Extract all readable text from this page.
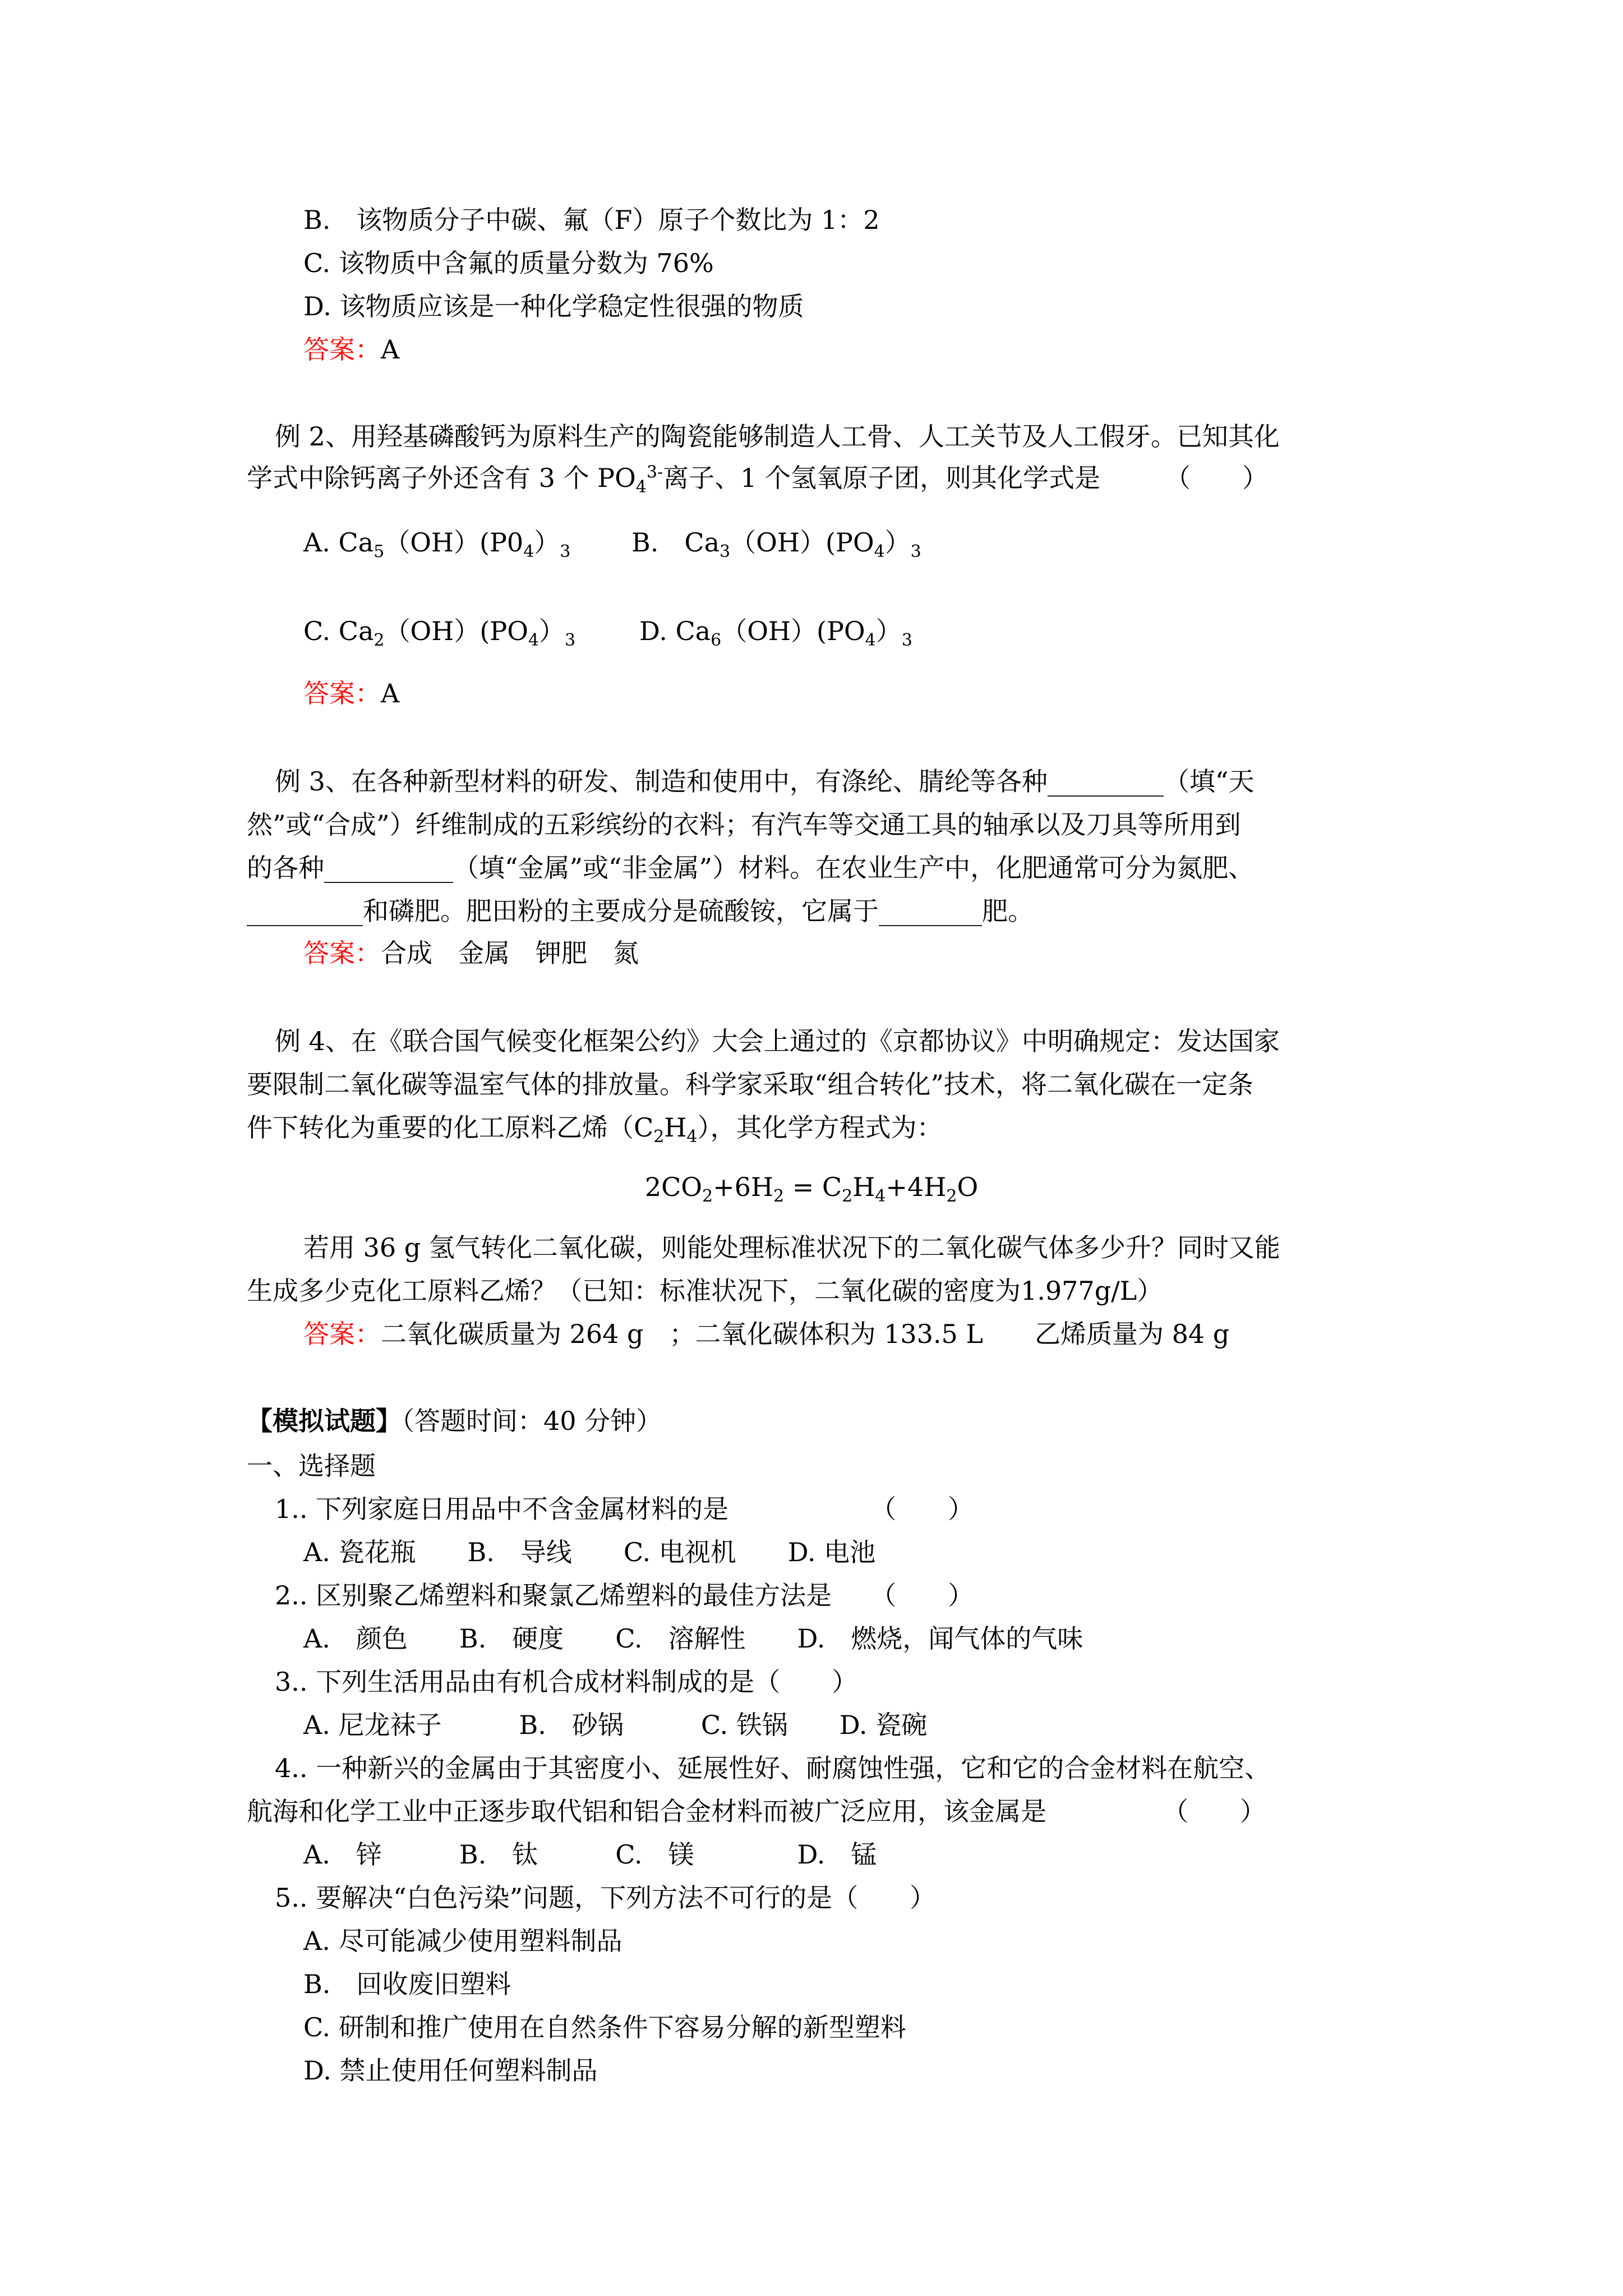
B.　该物质分子中碳、氟（F）原子个数比为 1：2
C. 该物质中含氟的质量分数为 76%
D. 该物质应该是一种化学稳定性很强的物质
答案：A
例 2、用羟基磷酸钙为原料生产的陶瓷能够制造人工骨、人工关节及人工假牙。已知其化
学式中除钙离子外还含有 3 个 $PO_4^{3-}$离子、1 个氢氧原子团，则其化学式是　　　（　　）
A. $Ca_5(OH)(P0_4)_3$ B.　$Ca_3(OH)(PO_4)_3$
C. $Ca_2(OH)(PO_4)_3$ D. $Ca_6(OH)(PO_4)_3$
答案：A
例 3、在各种新型材料的研发、制造和使用中，有涤纶、腈纶等各种_________（填“天
然”或“合成”）纤维制成的五彩缤纷的衣料；有汽车等交通工具的轴承以及刀具等所用到
的各种__________（填“金属”或“非金属”）材料。在农业生产中，化肥通常可分为氮肥、
_________和磷肥。肥田粉的主要成分是硫酸铵，它属于________肥。
答案：合成　金属　钾肥　氮
例 4、在《联合国气候变化框架公约》大会上通过的《京都协议》中明确规定：发达国家
要限制二氧化碳等温室气体的排放量。科学家采取“组合转化”技术，将二氧化碳在一定条
件下转化为重要的化工原料乙烯$(C_2H_4)$，其化学方程式为：
$2CO_2+6H_2 = C_2H_4+4H_2O$
若用 36 g 氢气转化二氧化碳，则能处理标准状况下的二氧化碳气体多少升？同时又能
生成多少克化工原料乙烯？（已知：标准状况下，二氧化碳的密度为1.977g/L）
答案：二氧化碳质量为 264 g　；二氧化碳体积为 133.5 L　　乙烯质量为 84 g
【模拟试题】（答题时间：40 分钟）
一、选择题
1.. 下列家庭日用品中不含金属材料的是　　　　　　（　　）
A. 瓷花瓶　　B.　导线　　C. 电视机　　D. 电池
2.. 区别聚乙烯塑料和聚氯乙烯塑料的最佳方法是　　（　　）
A.　颜色　　B.　硬度　　C.　溶解性　　D.　燃烧，闻气体的气味
3.. 下列生活用品由有机合成材料制成的是（　　）
A. 尼龙袜子　　　B.　砂锅　　　C. 铁锅　　D. 瓷碗
4.. 一种新兴的金属由于其密度小、延展性好、耐腐蚀性强，它和它的合金材料在航空、
航海和化学工业中正逐步取代铝和铝合金材料而被广泛应用，该金属是　　　　　（　　）
A.　锌　　　B.　钛　　　C.　镁　　　　D.　锰
5.. 要解决“白色污染”问题，下列方法不可行的是（　　）
A. 尽可能减少使用塑料制品
B.　回收废旧塑料
C. 研制和推广使用在自然条件下容易分解的新型塑料
D. 禁止使用任何塑料制品
